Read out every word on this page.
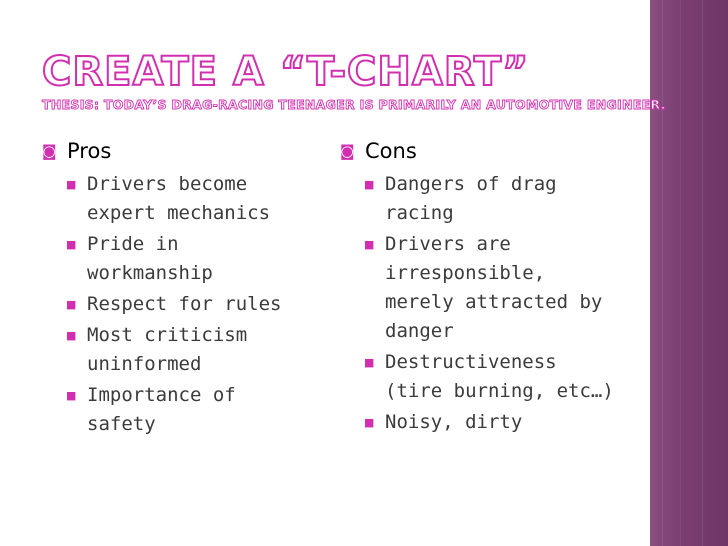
CREATE A “T-CHART”
THESIS: TODAY’S DRAG-RACING TEENAGER IS PRIMARILY AN AUTOMOTIVE ENGINEER.
◙ Pros
■ Drivers become expert mechanics
■ Pride in workmanship
■ Respect for rules
■ Most criticism uninformed
■ Importance of safety
◙ Cons
■ Dangers of drag racing
■ Drivers are irresponsible, merely attracted by danger
■ Destructiveness (tire burning, etc…)
■ Noisy, dirty
